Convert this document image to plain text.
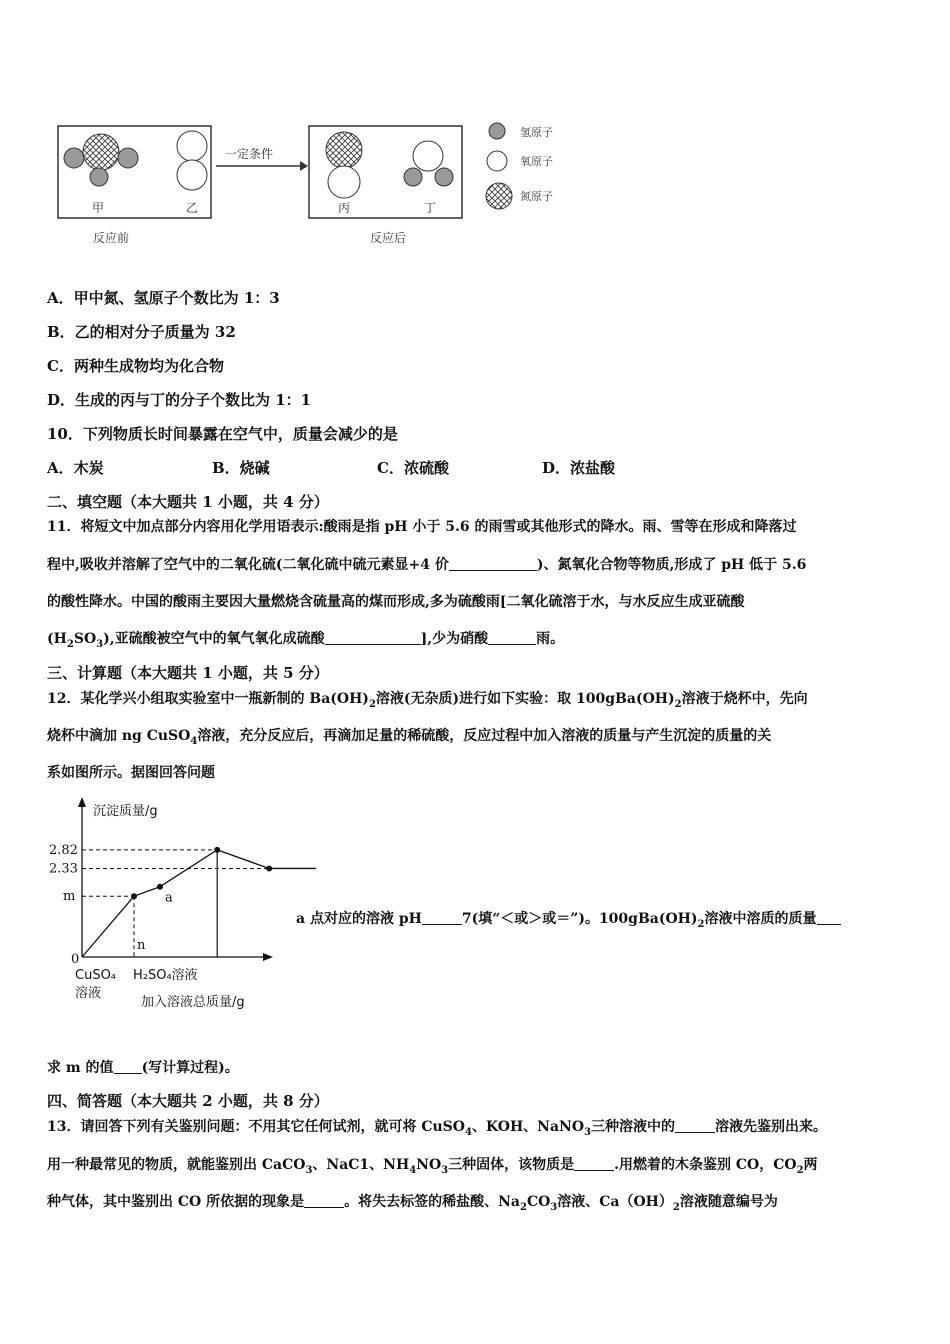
甲	乙
反应前
一定条件
丙	丁
反应后
氢原子
氧原子
氮原子
A．甲中氮、氢原子个数比为 1：3
B．乙的相对分子质量为 32
C．两种生成物均为化合物
D．生成的丙与丁的分子个数比为 1：1
10．下列物质长时间暴露在空气中，质量会减少的是
A．木炭	B．烧碱	C．浓硫酸	D．浓盐酸
二、填空题（本大题共 1 小题，共 4 分）
11．将短文中加点部分内容用化学用语表示:酸雨是指 pH 小于 5.6 的雨雪或其他形式的降水。雨、雪等在形成和降落过
程中,吸收并溶解了空气中的二氧化硫(二氧化硫中硫元素显+4 价	)、氮氧化合物等物质,形成了 pH 低于 5.6
的酸性降水。中国的酸雨主要因大量燃烧含硫量高的煤而形成,多为硫酸雨[二氧化硫溶于水，与水反应生成亚硫酸
$(H_2SO_3)$,亚硫酸被空气中的氧气氧化成硫酸	],少为硝酸	雨。
三、计算题（本大题共 1 小题，共 5 分）
12．某化学兴小组取实验室中一瓶新制的 $Ba(OH)_2$溶液(无杂质)进行如下实验：取 $100gBa(OH)_2$溶液于烧杯中，先向
烧杯中滴加 ng CuSO$_4$溶液，充分反应后，再滴加足量的稀硫酸，反应过程中加入溶液的质量与产生沉淀的质量的关
系如图所示。据图回答问题
沉淀质量/g
加入溶液总质量/g
2.82
2.33
m
0
n
a
CuSO₄
溶液
H₂SO₄溶液
a 点对应的溶液 pH	7(填“＜或＞或＝”)。$100gBa(OH)_2$溶液中溶质的质量
求 m 的值 (写计算过程)。
四、简答题（本大题共 2 小题，共 8 分）
13．请回答下列有关鉴别问题：不用其它任何试剂，就可将 CuSO$_4$、KOH、NaNO$_3$三种溶液中的	溶液先鉴别出来。
用一种最常见的物质，就能鉴别出 CaCO$_3$、NaC1、$NH_4NO_3$三种固体，该物质是	.用燃着的木条鉴别 CO，$CO_2$两
种气体，其中鉴别出 CO 所依据的现象是	。将失去标签的稀盐酸、$Na_2CO_3$溶液、$Ca(OH)_2$溶液随意编号为
